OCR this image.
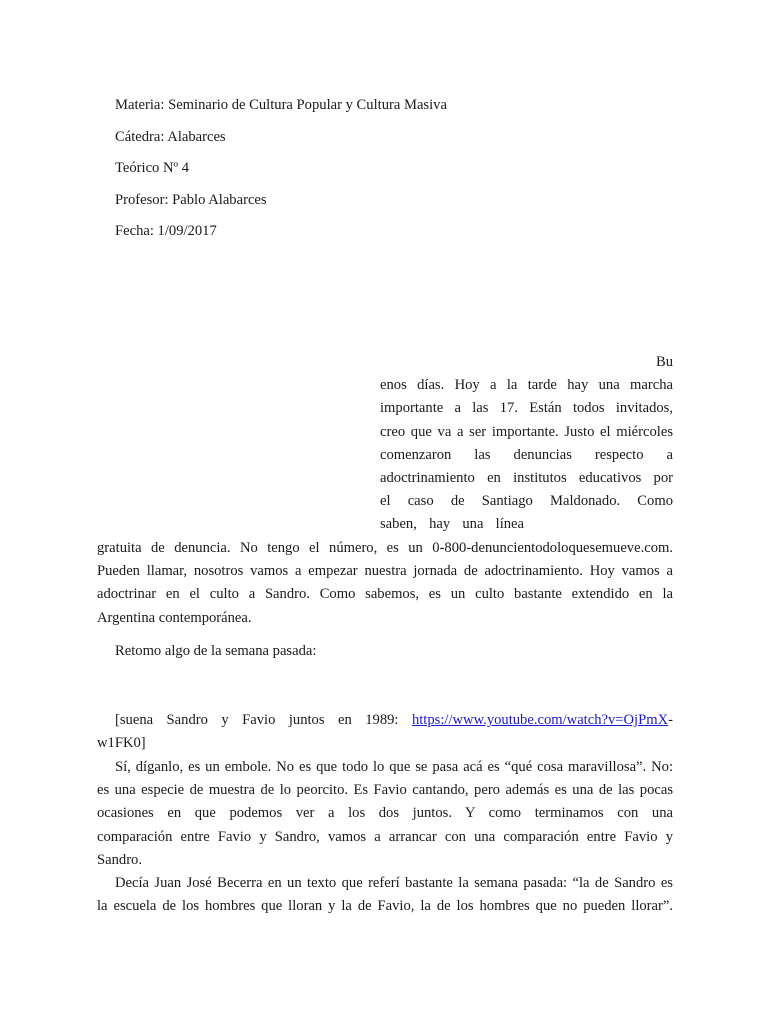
Materia: Seminario de Cultura Popular y Cultura Masiva
Cátedra: Alabarces
Teórico Nº 4
Profesor: Pablo Alabarces
Fecha: 1/09/2017
Bu
enos días. Hoy a la tarde hay una marcha
importante a las 17. Están todos invitados,
creo que va a ser importante. Justo el miércoles
comenzaron las denuncias respecto a
adoctrinamiento en institutos educativos por
el caso de Santiago Maldonado. Como
saben, hay una línea
gratuita de denuncia. No tengo el número, es un 0-800-denuncientodoloquesemueve.com.
Pueden llamar, nosotros vamos a empezar nuestra jornada de adoctrinamiento. Hoy vamos a
adoctrinar en el culto a Sandro. Como sabemos, es un culto bastante extendido en la
Argentina contemporánea.
Retomo algo de la semana pasada:
[suena Sandro y Favio juntos en 1989: https://www.youtube.com/watch?v=OjPmX-
w1FK0]
Sí, díganlo, es un embole. No es que todo lo que se pasa acá es “qué cosa maravillosa”. No:
es una especie de muestra de lo peorcito. Es Favio cantando, pero además es una de las pocas
ocasiones en que podemos ver a los dos juntos. Y como terminamos con una
comparación entre Favio y Sandro, vamos a arrancar con una comparación entre Favio y
Sandro.
Decía Juan José Becerra en un texto que referí bastante la semana pasada: “la de Sandro es
la escuela de los hombres que lloran y la de Favio, la de los hombres que no pueden llorar”.
